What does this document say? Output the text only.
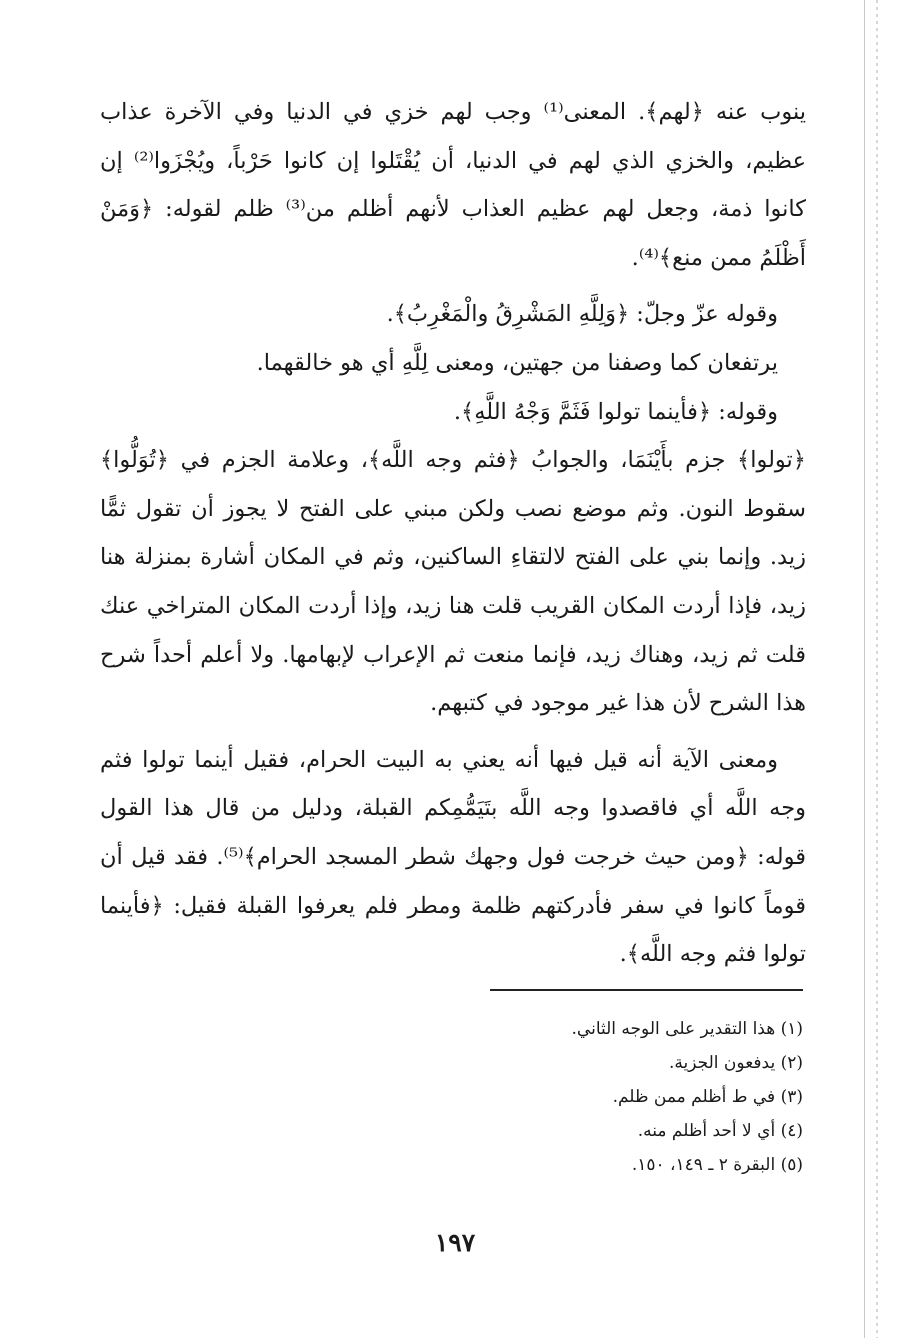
ينوب عنه ﴿لهم﴾. المعنى⁽¹⁾ وجب لهم خزي في الدنيا وفي الآخرة عذاب عظيم، والخزي الذي لهم في الدنيا، أن يُقْتَلوا إن كانوا حَرْباً، ويُجْزَوا⁽²⁾ إن كانوا ذمة، وجعل لهم عظيم العذاب لأنهم أظلم من⁽³⁾ ظلم لقوله: ﴿وَمَنْ أَظْلَمُ ممن منع﴾⁽⁴⁾.

وقوله عزّ وجلّ: ﴿وَلِلَّهِ المَشْرِقُ والْمَغْرِبُ﴾.

يرتفعان كما وصفنا من جهتين، ومعنى لِلَّهِ أي هو خالقهما.

وقوله: ﴿فأينما تولوا فَثَمَّ وَجْهُ اللَّهِ﴾.

﴿تولوا﴾ جزم بأَيْنَمَا، والجوابُ ﴿فثم وجه اللَّه﴾، وعلامة الجزم في ﴿تُوَلُّوا﴾ سقوط النون. وثم موضع نصب ولكن مبني على الفتح لا يجوز أن تقول ثمًّا زيد. وإنما بني على الفتح لالتقاءِ الساكنين، وثم في المكان أشارة بمنزلة هنا زيد، فإذا أردت المكان القريب قلت هنا زيد، وإذا أردت المكان المتراخي عنك قلت ثم زيد، وهناك زيد، فإنما منعت ثم الإعراب لإبهامها. ولا أعلم أحداً شرح هذا الشرح لأن هذا غير موجود في كتبهم.

ومعنى الآية أنه قيل فيها أنه يعني به البيت الحرام، فقيل أينما تولوا فثم وجه اللَّه أي فاقصدوا وجه اللَّه بتَيَمُّمِكم القبلة، ودليل من قال هذا القول قوله: ﴿ومن حيث خرجت فول وجهك شطر المسجد الحرام﴾⁽⁵⁾. فقد قيل أن قوماً كانوا في سفر فأدركتهم ظلمة ومطر فلم يعرفوا القبلة فقيل: ﴿فأينما تولوا فثم وجه اللَّه﴾.

(١) هذا التقدير على الوجه الثاني.

(٢) يدفعون الجزية.

(٣) في ط أظلم ممن ظلم.

(٤) أي لا أحد أظلم منه.

(٥) البقرة ٢ ـ ١٤٩، ١٥٠.

١٩٧
